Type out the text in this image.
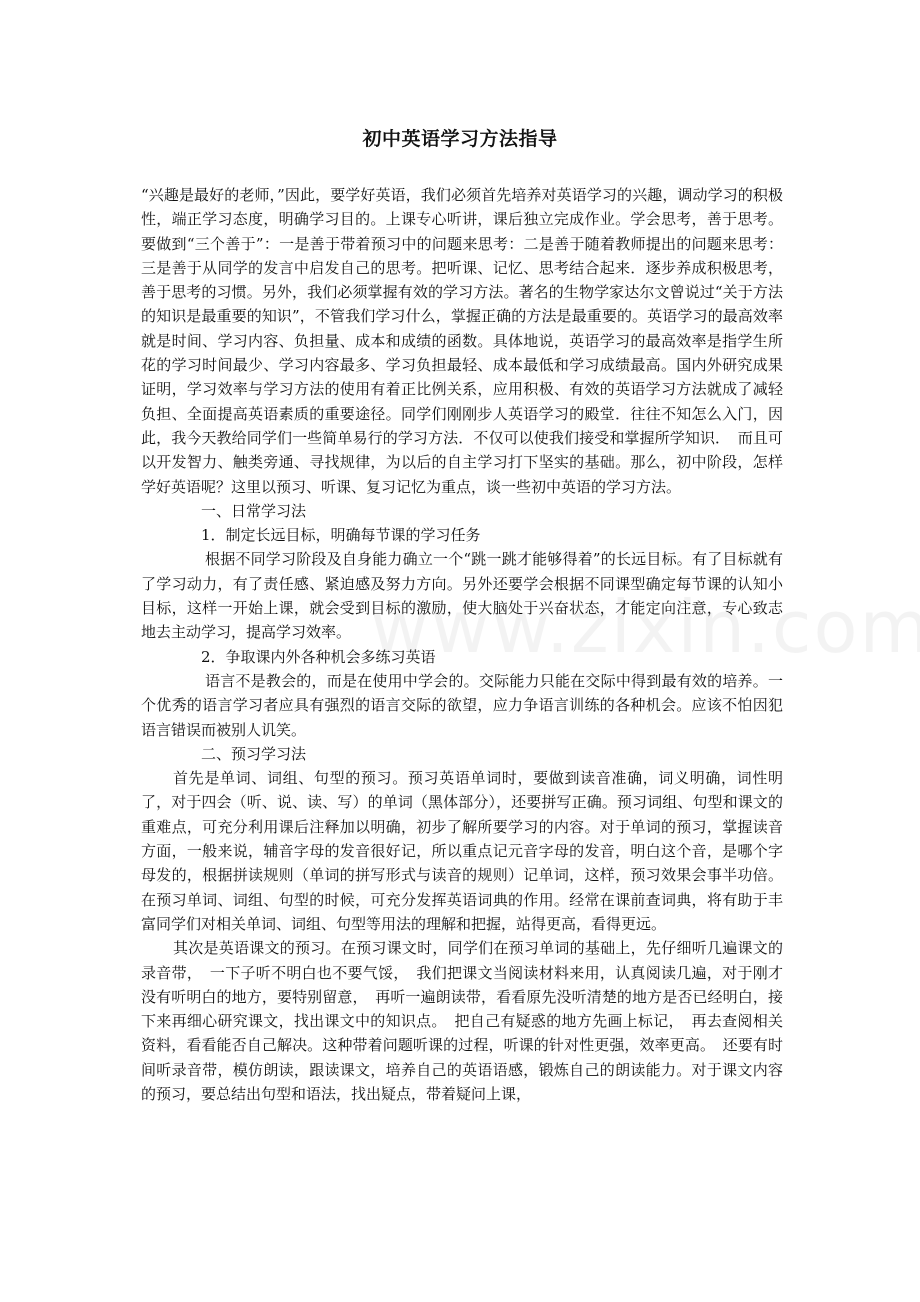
初中英语学习方法指导

“兴趣是最好的老师，”因此，要学好英语，我们必须首先培养对英语学习的兴趣，调动学习的积极性，端正学习态度，明确学习目的。上课专心听讲，课后独立完成作业。学会思考，善于思考。要做到“三个善于”：一是善于带着预习中的问题来思考：二是善于随着教师提出的问题来思考：三是善于从同学的发言中启发自己的思考。把听课、记忆、思考结合起来．逐步养成积极思考，善于思考的习惯。另外，我们必须掌握有效的学习方法。著名的生物学家达尔文曾说过“关于方法的知识是最重要的知识”，不管我们学习什么，掌握正确的方法是最重要的。英语学习的最高效率就是时间、学习内容、负担量、成本和成绩的函数。具体地说，英语学习的最高效率是指学生所花的学习时间最少、学习内容最多、学习负担最轻、成本最低和学习成绩最高。国内外研究成果证明，学习效率与学习方法的使用有着正比例关系，应用积极、有效的英语学习方法就成了减轻负担、全面提高英语素质的重要途径。同学们刚刚步人英语学习的殿堂．往往不知怎么入门，因此，我今天教给同学们一些简单易行的学习方法．不仅可以使我们接受和掌握所学知识．　而且可以开发智力、触类旁通、寻找规律，为以后的自主学习打下坚实的基础。那么，初中阶段，怎样学好英语呢？这里以预习、听课、复习记忆为重点，谈一些初中英语的学习方法。

一、日常学习法

1．制定长远目标，明确每节课的学习任务

根据不同学习阶段及自身能力确立一个“跳一跳才能够得着”的长远目标。有了目标就有了学习动力，有了责任感、紧迫感及努力方向。另外还要学会根据不同课型确定每节课的认知小目标，这样一开始上课，就会受到目标的激励，使大脑处于兴奋状态，才能定向注意，专心致志地去主动学习，提高学习效率。

2．争取课内外各种机会多练习英语

语言不是教会的，而是在使用中学会的。交际能力只能在交际中得到最有效的培养。一个优秀的语言学习者应具有强烈的语言交际的欲望，应力争语言训练的各种机会。应该不怕因犯语言错误而被别人讥笑。

二、预习学习法

首先是单词、词组、句型的预习。预习英语单词时，要做到读音准确，词义明确，词性明了，对于四会（听、说、读、写）的单词（黑体部分），还要拼写正确。预习词组、句型和课文的重难点，可充分利用课后注释加以明确，初步了解所要学习的内容。对于单词的预习，掌握读音方面，一般来说，辅音字母的发音很好记，所以重点记元音字母的发音，明白这个音，是哪个字母发的，根据拼读规则（单词的拼写形式与读音的规则）记单词，这样，预习效果会事半功倍。在预习单词、词组、句型的时候，可充分发挥英语词典的作用。经常在课前查词典，将有助于丰富同学们对相关单词、词组、句型等用法的理解和把握，站得更高，看得更远。

其次是英语课文的预习。在预习课文时，同学们在预习单词的基础上，先仔细听几遍课文的录音带，　一下子听不明白也不要气馁，　我们把课文当阅读材料来用，认真阅读几遍，对于刚才没有听明白的地方，要特别留意，　再听一遍朗读带，看看原先没听清楚的地方是否已经明白，接下来再细心研究课文，找出课文中的知识点。　把自己有疑惑的地方先画上标记，　再去查阅相关资料，看看能否自己解决。这种带着问题听课的过程，听课的针对性更强，效率更高。　还要有时间听录音带，模仿朗读，跟读课文，培养自己的英语语感，锻炼自己的朗读能力。对于课文内容的预习，要总结出句型和语法，找出疑点，带着疑问上课，
